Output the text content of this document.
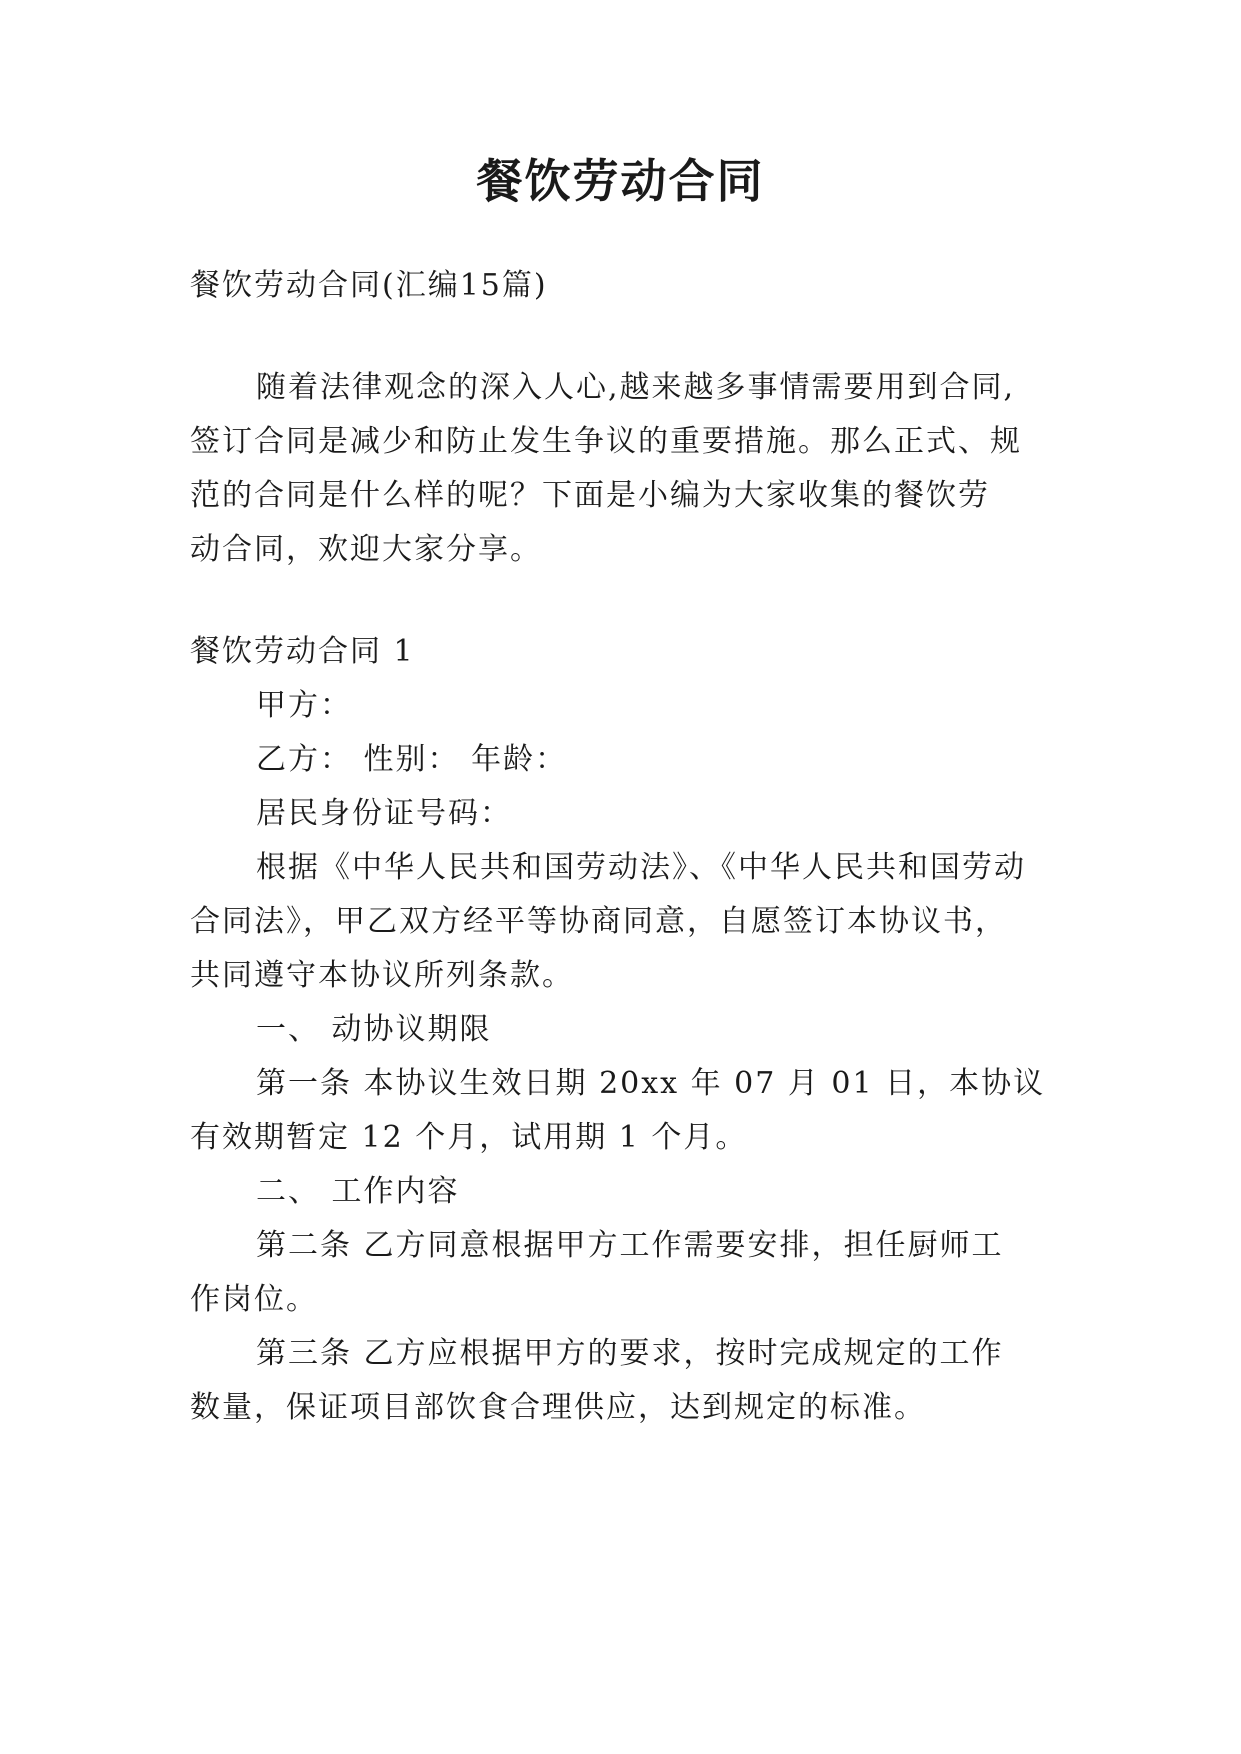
餐饮劳动合同
餐饮劳动合同(汇编15篇)
随着法律观念的深入人心,越来越多事情需要用到合同,
签订合同是减少和防止发生争议的重要措施。那么正式、规
范的合同是什么样的呢？下面是小编为大家收集的餐饮劳
动合同，欢迎大家分享。
餐饮劳动合同 1
甲方：
乙方： 性别： 年龄：
居民身份证号码：
根据《中华人民共和国劳动法》、《中华人民共和国劳动
合同法》，甲乙双方经平等协商同意，自愿签订本协议书，
共同遵守本协议所列条款。
一、 动协议期限
第一条 本协议生效日期 20xx 年 07 月 01 日，本协议
有效期暂定 12 个月，试用期 1 个月。
二、 工作内容
第二条 乙方同意根据甲方工作需要安排，担任厨师工
作岗位。
第三条 乙方应根据甲方的要求，按时完成规定的工作
数量，保证项目部饮食合理供应，达到规定的标准。
